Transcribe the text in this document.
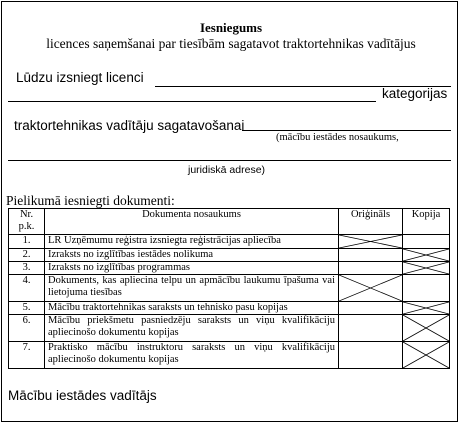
Iesniegums
licences saņemšanai par tiesībām sagatavot traktortehnikas vadītājus
Lūdzu izsniegt licenci
kategorijas
traktortehnikas vadītāju sagatavošanai
(mācību iestādes nosaukums,
juridiskā adrese)
Pielikumā iesniegti dokumenti:
Nr. p.k.	Dokumenta nosaukums	Oriģināls	Kopija
1.	LR Uzņēmumu reģistra izsniegta reģistrācijas apliecība	

2.	Izraksts no izglītības iestādes nolikuma		

3.	Izraksts no izglītības programmas		

4.	Dokuments, kas apliecina telpu un apmācību laukumu īpašuma vai lietojuma tiesības	

5.	Mācību traktortehnikas saraksts un tehnisko pasu kopijas		

6.	Mācību priekšmetu pasniedzēju saraksts un viņu kvalifikāciju apliecinošo dokumentu kopijas		

7.	Praktisko mācību instruktoru saraksts un viņu kvalifikāciju apliecinošo dokumentu kopijas		
Mācību iestādes vadītājs
